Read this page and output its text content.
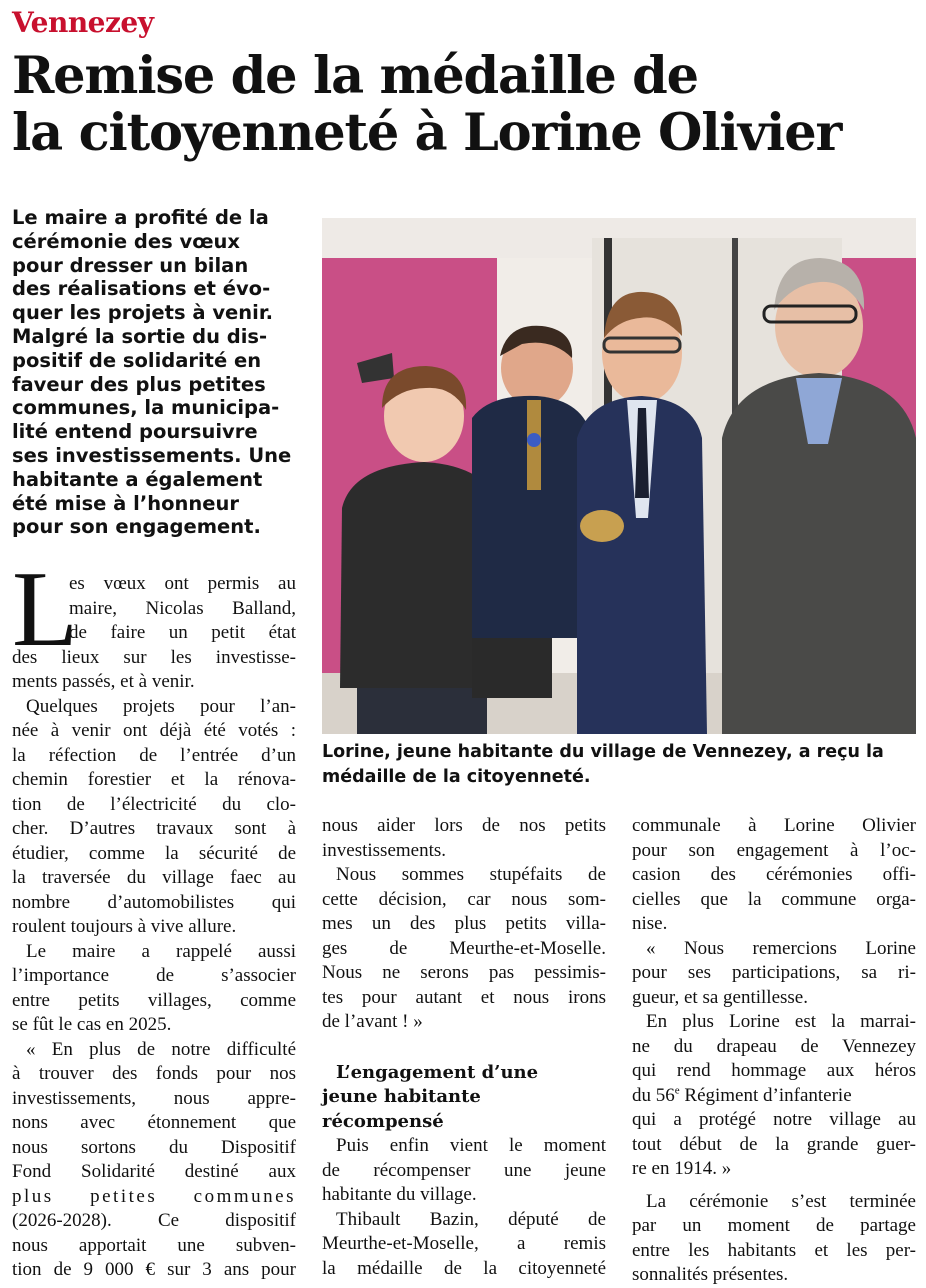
Vennezey
Remise de la médaille de
la citoyenneté à Lorine Olivier
Le maire a profité de la
cérémonie des vœux
pour dresser un bilan
des réalisations et évo-
quer les projets à venir.
Malgré la sortie du dis-
positif de solidarité en
faveur des plus petites
communes, la municipa-
lité entend poursuivre
ses investissements. Une
habitante a également
été mise à l’honneur
pour son engagement.
Lorine, jeune habitante du village de Vennezey, a reçu la
médaille de la citoyenneté.
L
es vœux ont permis au
maire, Nicolas Balland,
de faire un petit état
des lieux sur les investisse-
ments passés, et à venir.
Quelques projets pour l’an-
née à venir ont déjà été votés :
la réfection de l’entrée d’un
chemin forestier et la rénova-
tion de l’électricité du clo-
cher. D’autres travaux sont à
étudier, comme la sécurité de
la traversée du village faec au
nombre d’automobilistes qui
roulent toujours à vive allure.
Le maire a rappelé aussi
l’importance de s’associer
entre petits villages, comme
se fût le cas en 2025.
« En plus de notre difficulté
à trouver des fonds pour nos
investissements, nous appre-
nons avec étonnement que
nous sortons du Dispositif
Fond Solidarité destiné aux
plus petites communes
(2026-2028). Ce dispositif
nous apportait une subven-
tion de 9 000 € sur 3 ans pour
nous aider lors de nos petits
investissements.
Nous sommes stupéfaits de
cette décision, car nous som-
mes un des plus petits villa-
ges de Meurthe-et-Moselle.
Nous ne serons pas pessimis-
tes pour autant et nous irons
de l’avant ! »
L’engagement d’une
jeune habitante
récompensé
Puis enfin vient le moment
de récompenser une jeune
habitante du village.
Thibault Bazin, député de
Meurthe-et-Moselle, a remis
la médaille de la citoyenneté
communale à Lorine Olivier
pour son engagement à l’oc-
casion des cérémonies offi-
cielles que la commune orga-
nise.
« Nous remercions Lorine
pour ses participations, sa ri-
gueur, et sa gentillesse.
En plus Lorine est la marrai-
ne du drapeau de Vennezey
qui rend hommage aux héros
du 56e Régiment d’infanterie
qui a protégé notre village au
tout début de la grande guer-
re en 1914. »
La cérémonie s’est terminée
par un moment de partage
entre les habitants et les per-
sonnalités présentes.
